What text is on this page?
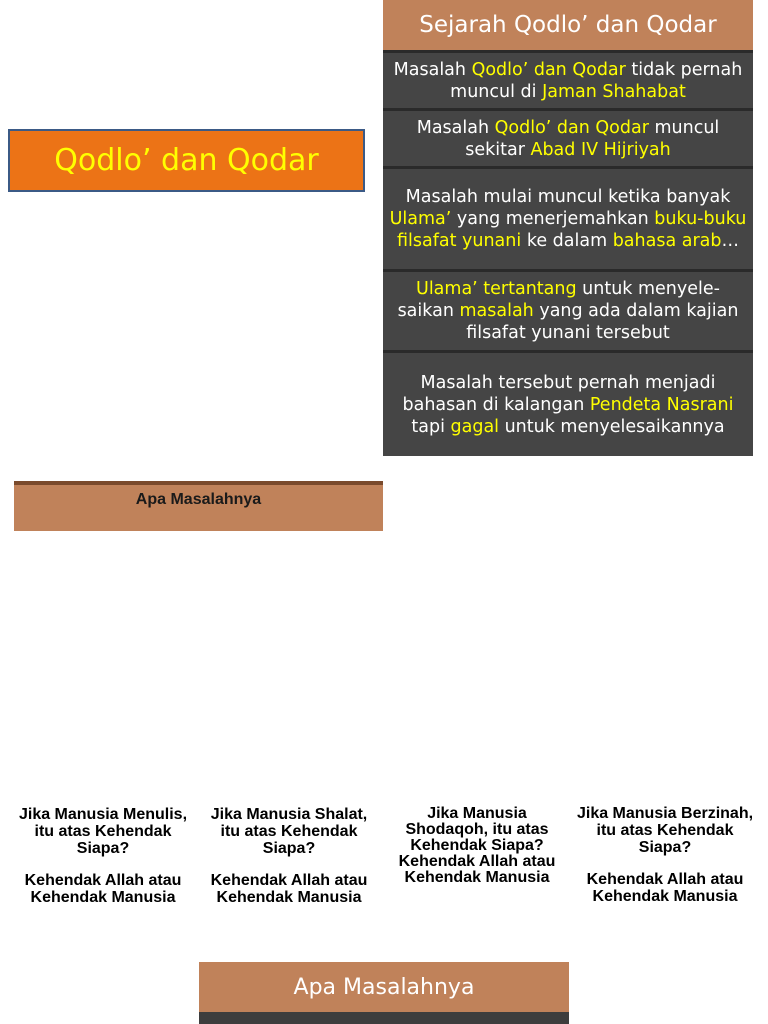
Qodlo’ dan Qodar
Sejarah Qodlo’ dan Qodar
Masalah Qodlo’ dan Qodar tidak pernah muncul di Jaman Shahabat
Masalah Qodlo’ dan Qodar muncul sekitar Abad IV Hijriyah
Masalah mulai muncul ketika banyak Ulama’ yang menerjemahkan buku-buku filsafat yunani ke dalam bahasa arab…
Ulama’ tertantang untuk menyele-saikan masalah yang ada dalam kajian filsafat yunani tersebut
Masalah tersebut pernah menjadi bahasan di kalangan Pendeta Nasrani tapi gagal untuk menyelesaikannya
Apa Masalahnya
Jika Manusia Menulis, itu atas Kehendak Siapa?
Kehendak Allah atau Kehendak Manusia
Jika Manusia Shalat, itu atas Kehendak Siapa?
Kehendak Allah atau Kehendak Manusia
Jika Manusia Shodaqoh, itu atas Kehendak Siapa?
Kehendak Allah atau Kehendak Manusia
Jika Manusia Berzinah, itu atas Kehendak Siapa?
Kehendak Allah atau Kehendak Manusia
Apa Masalahnya
